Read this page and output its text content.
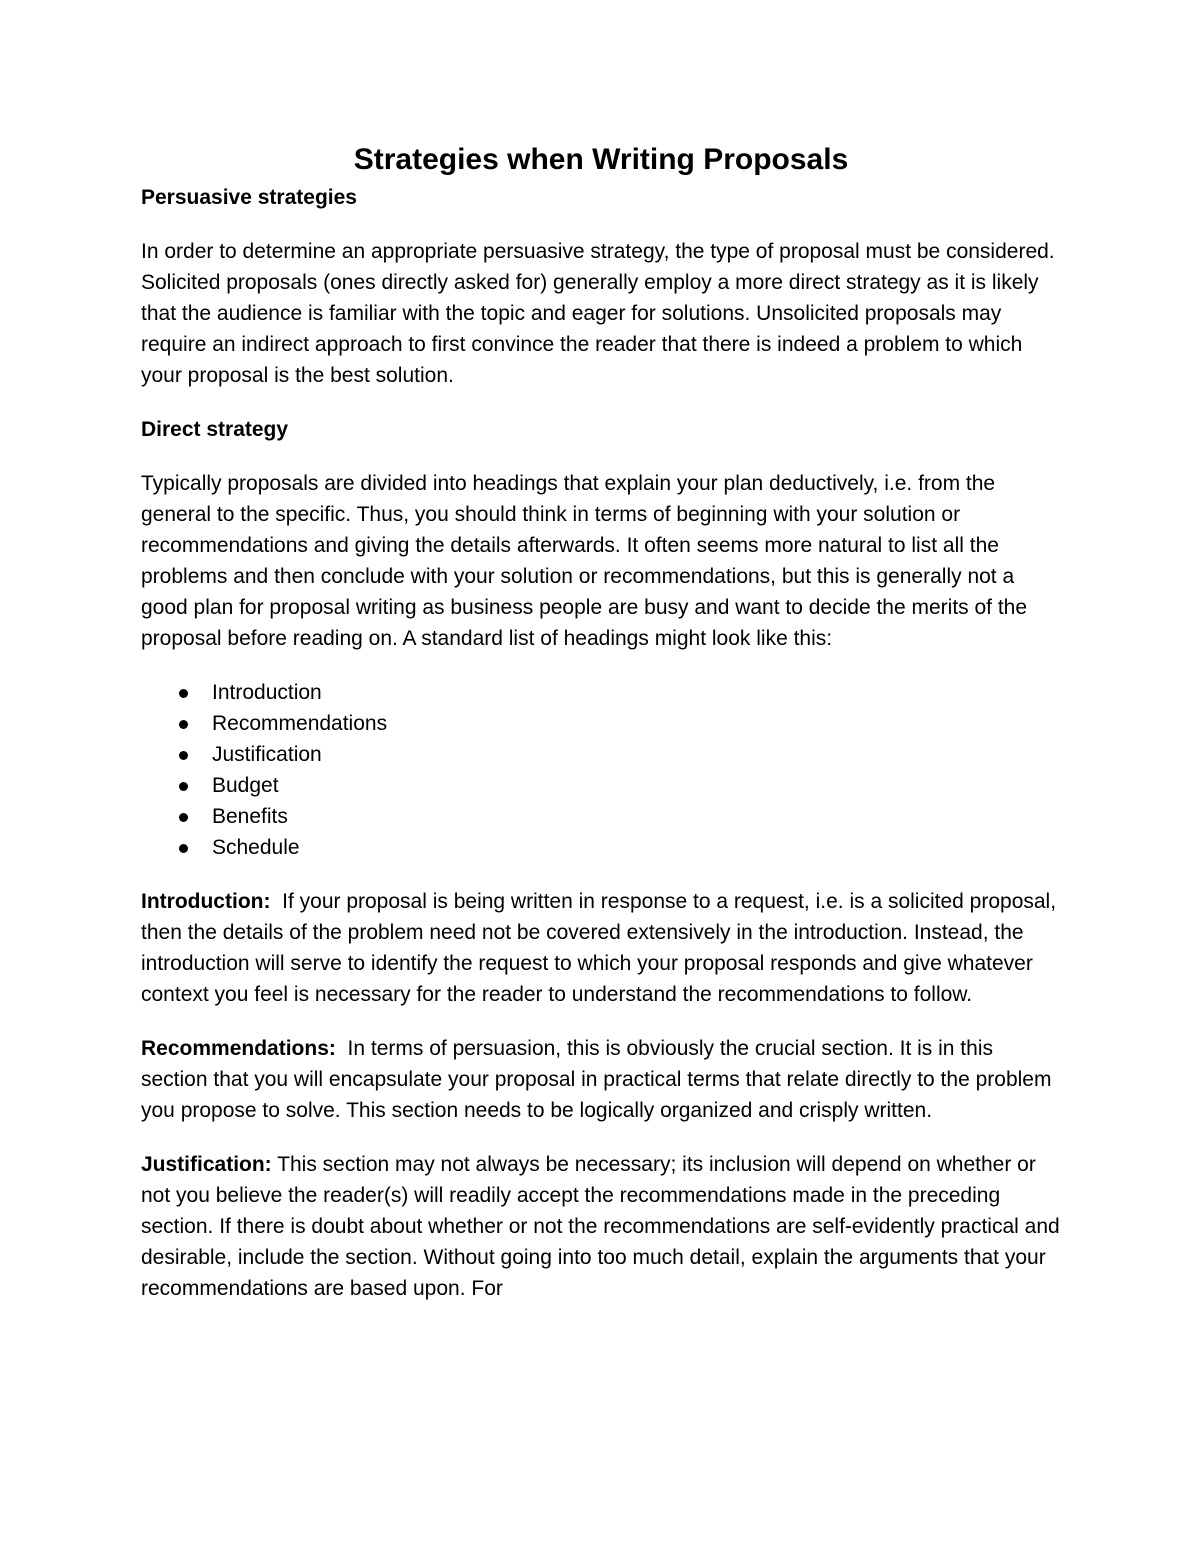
Strategies when Writing Proposals

Persuasive strategies

In order to determine an appropriate persuasive strategy, the type of proposal must be considered. Solicited proposals (ones directly asked for) generally employ a more direct strategy as it is likely that the audience is familiar with the topic and eager for solutions. Unsolicited proposals may require an indirect approach to first convince the reader that there is indeed a problem to which your proposal is the best solution.

Direct strategy

Typically proposals are divided into headings that explain your plan deductively, i.e. from the general to the specific. Thus, you should think in terms of beginning with your solution or recommendations and giving the details afterwards. It often seems more natural to list all the problems and then conclude with your solution or recommendations, but this is generally not a good plan for proposal writing as business people are busy and want to decide the merits of the proposal before reading on. A standard list of headings might look like this:

Introduction
Recommendations
Justification
Budget
Benefits
Schedule

Introduction:  If your proposal is being written in response to a request, i.e. is a solicited proposal, then the details of the problem need not be covered extensively in the introduction. Instead, the introduction will serve to identify the request to which your proposal responds and give whatever context you feel is necessary for the reader to understand the recommendations to follow.

Recommendations:  In terms of persuasion, this is obviously the crucial section. It is in this section that you will encapsulate your proposal in practical terms that relate directly to the problem you propose to solve. This section needs to be logically organized and crisply written.

Justification: This section may not always be necessary; its inclusion will depend on whether or not you believe the reader(s) will readily accept the recommendations made in the preceding section. If there is doubt about whether or not the recommendations are self-evidently practical and desirable, include the section. Without going into too much detail, explain the arguments that your recommendations are based upon. For
